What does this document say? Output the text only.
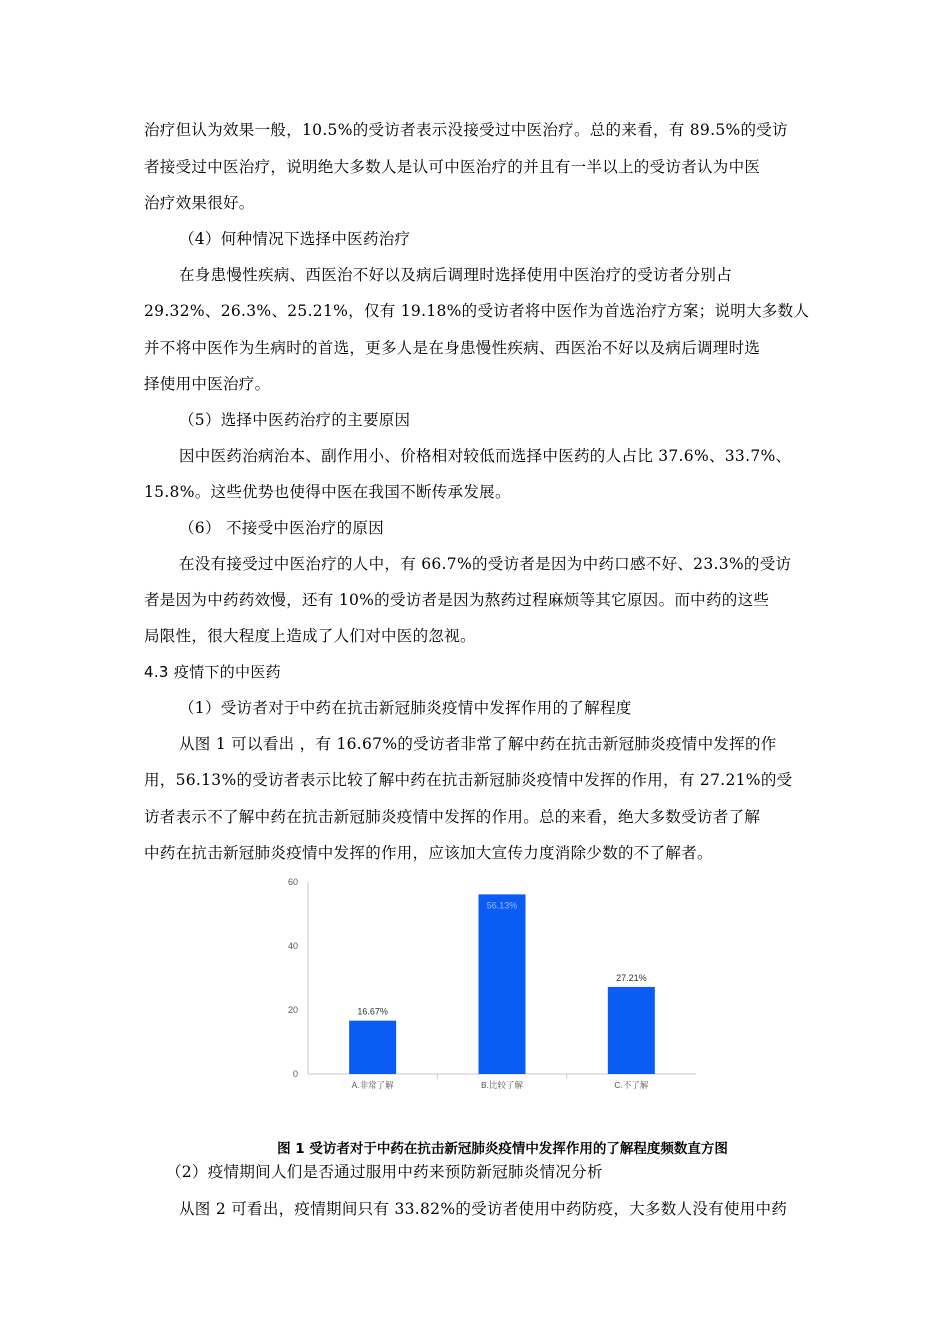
治疗但认为效果一般，10.5%的受访者表示没接受过中医治疗。总的来看，有 89.5%的受访
者接受过中医治疗，说明绝大多数人是认可中医治疗的并且有一半以上的受访者认为中医
治疗效果很好。
（4）何种情况下选择中医药治疗
在身患慢性疾病、西医治不好以及病后调理时选择使用中医治疗的受访者分别占
29.32%、26.3%、25.21%，仅有 19.18%的受访者将中医作为首选治疗方案；说明大多数人
并不将中医作为生病时的首选，更多人是在身患慢性疾病、西医治不好以及病后调理时选
择使用中医治疗。
（5）选择中医药治疗的主要原因
因中医药治病治本、副作用小、价格相对较低而选择中医药的人占比 37.6%、33.7%、
15.8%。这些优势也使得中医在我国不断传承发展。
（6） 不接受中医治疗的原因
在没有接受过中医治疗的人中，有 66.7%的受访者是因为中药口感不好、23.3%的受访
者是因为中药药效慢，还有 10%的受访者是因为熬药过程麻烦等其它原因。而中药的这些
局限性，很大程度上造成了人们对中医的忽视。
4.3 疫情下的中医药
（1）受访者对于中药在抗击新冠肺炎疫情中发挥作用的了解程度
从图 1 可以看出 ，有 16.67%的受访者非常了解中药在抗击新冠肺炎疫情中发挥的作
用，56.13%的受访者表示比较了解中药在抗击新冠肺炎疫情中发挥的作用，有 27.21%的受
访者表示不了解中药在抗击新冠肺炎疫情中发挥的作用。总的来看，绝大多数受访者了解
中药在抗击新冠肺炎疫情中发挥的作用，应该加大宣传力度消除少数的不了解者。
0
20
40
60
16.67%
A.非常了解
56.13%
B.比较了解
27.21%
C.不了解
图 1 受访者对于中药在抗击新冠肺炎疫情中发挥作用的了解程度频数直方图
（2）疫情期间人们是否通过服用中药来预防新冠肺炎情况分析
从图 2 可看出，疫情期间只有 33.82%的受访者使用中药防疫，大多数人没有使用中药
